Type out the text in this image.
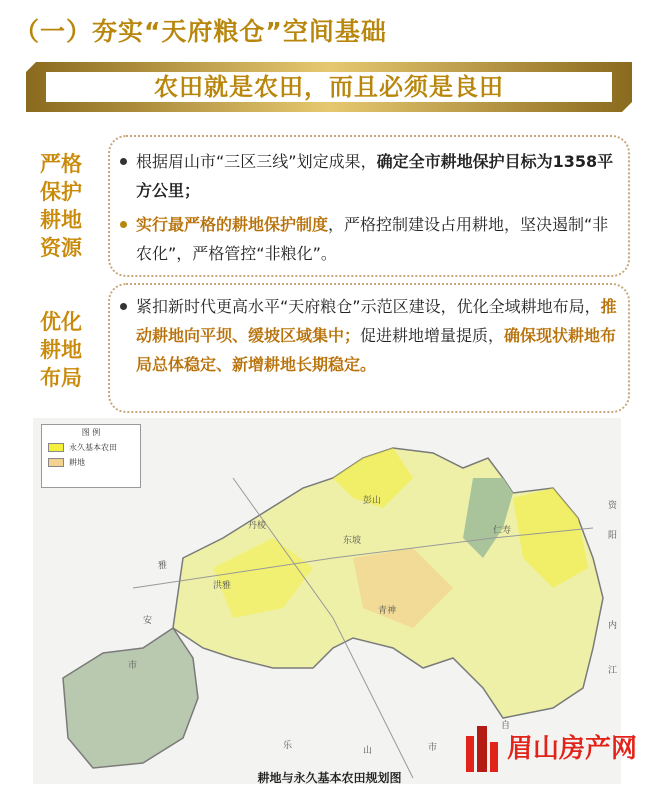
（一）夯实“天府粮仓”空间基础
农田就是农田，而且必须是良田
严格保护耕地资源
根据眉山市“三区三线”划定成果，确定全市耕地保护目标为1358平方公里；
实行最严格的耕地保护制度，严格控制建设占用耕地，坚决遏制“非农化”，严格管控“非粮化”。
优化耕地布局
紧扣新时代更高水平“天府粮仓”示范区建设，优化全域耕地布局，推动耕地向平坝、缓坡区域集中；促进耕地增量提质，确保现状耕地布局总体稳定、新增耕地长期稳定。
图 例
永久基本农田
耕地
雅
安
市
乐	山	市
自
内
江
资
阳
丹棱
洪雅
东坡
彭山
青神
仁寿
眉山房产网
耕地与永久基本农田规划图
